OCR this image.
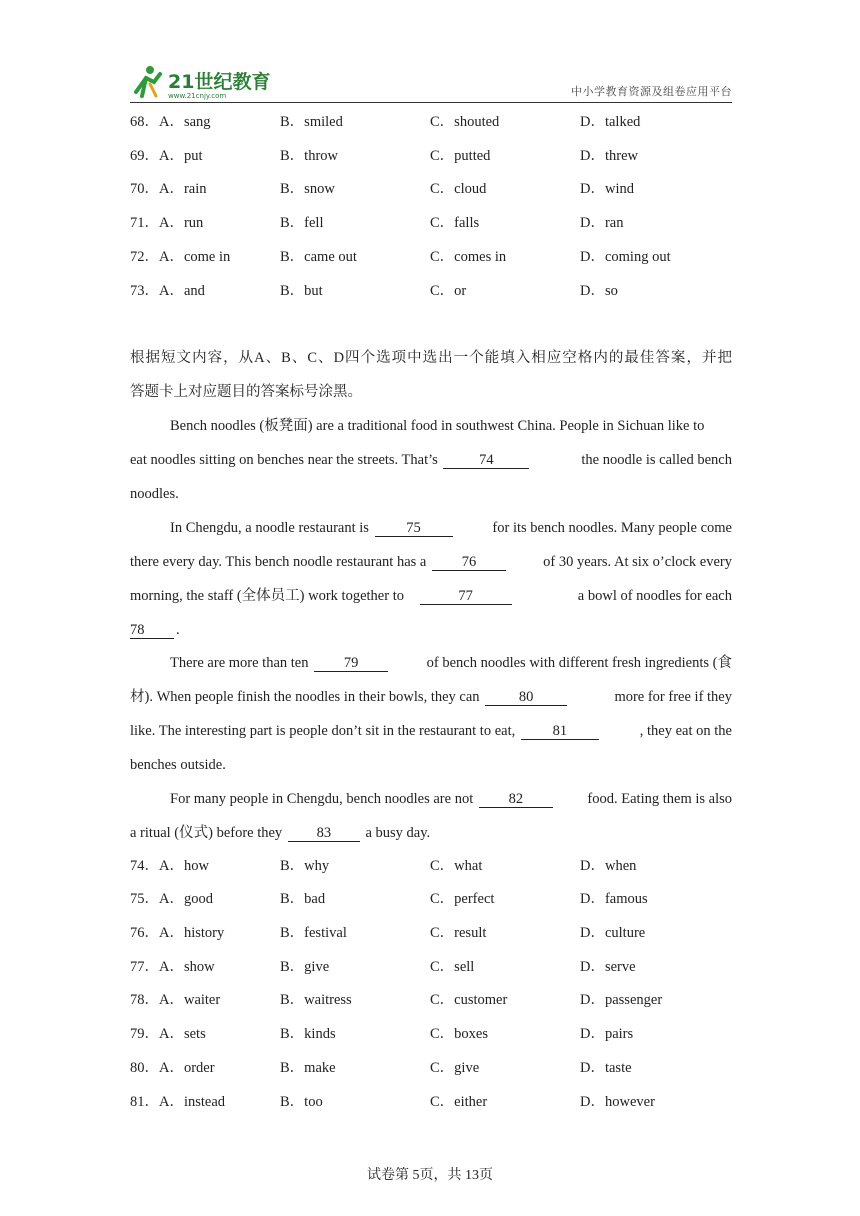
21世纪教育
www.21cnjy.com	中小学教育资源及组卷应用平台
68．A．sang	B．smiled	C．shouted	D．talked
69．A．put	B．throw	C．putted	D．threw
70．A．rain	B．snow	C．cloud	D．wind
71．A．run	B．fell	C．falls	D．ran
72．A．come in	B．came out	C．comes in	D．coming out
73．A．and	B．but	C．or	D．so
根据短文内容，从A、B、C、D四个选项中选出一个能填入相应空格内的最佳答案，并把
答题卡上对应题目的答案标号涂黑。
Bench noodles (板凳面) are a traditional food in southwest China. People in Sichuan like to
eat noodles sitting on benches near the streets. That’s	74	the noodle is called bench
noodles.
In Chengdu, a noodle restaurant is	75	for its bench noodles. Many people come
there every day. This bench noodle restaurant has a 76	of 30 years. At six o’clock every
morning, the staff (全体员工) work together to	77	a bowl of noodles for each
78 .
There are more than ten 79	of bench noodles with different fresh ingredients (食
材). When people finish the noodles in their bowls, they can	80	more for free if they
like. The interesting part is people don’t sit in the restaurant to eat,	81	, they eat on the
benches outside.
For many people in Chengdu, bench noodles are not 82	food. Eating them is also
a ritual (仪式) before they 83 a busy day.
74．A．how	B．why	C．what	D．when
75．A．good	B．bad	C．perfect	D．famous
76．A．history	B．festival	C．result	D．culture
77．A．show	B．give	C．sell	D．serve
78．A．waiter	B．waitress	C．customer	D．passenger
79．A．sets	B．kinds	C．boxes	D．pairs
80．A．order	B．make	C．give	D．taste
81．A．instead	B．too	C．either	D．however
试卷第 5页，共 13页
